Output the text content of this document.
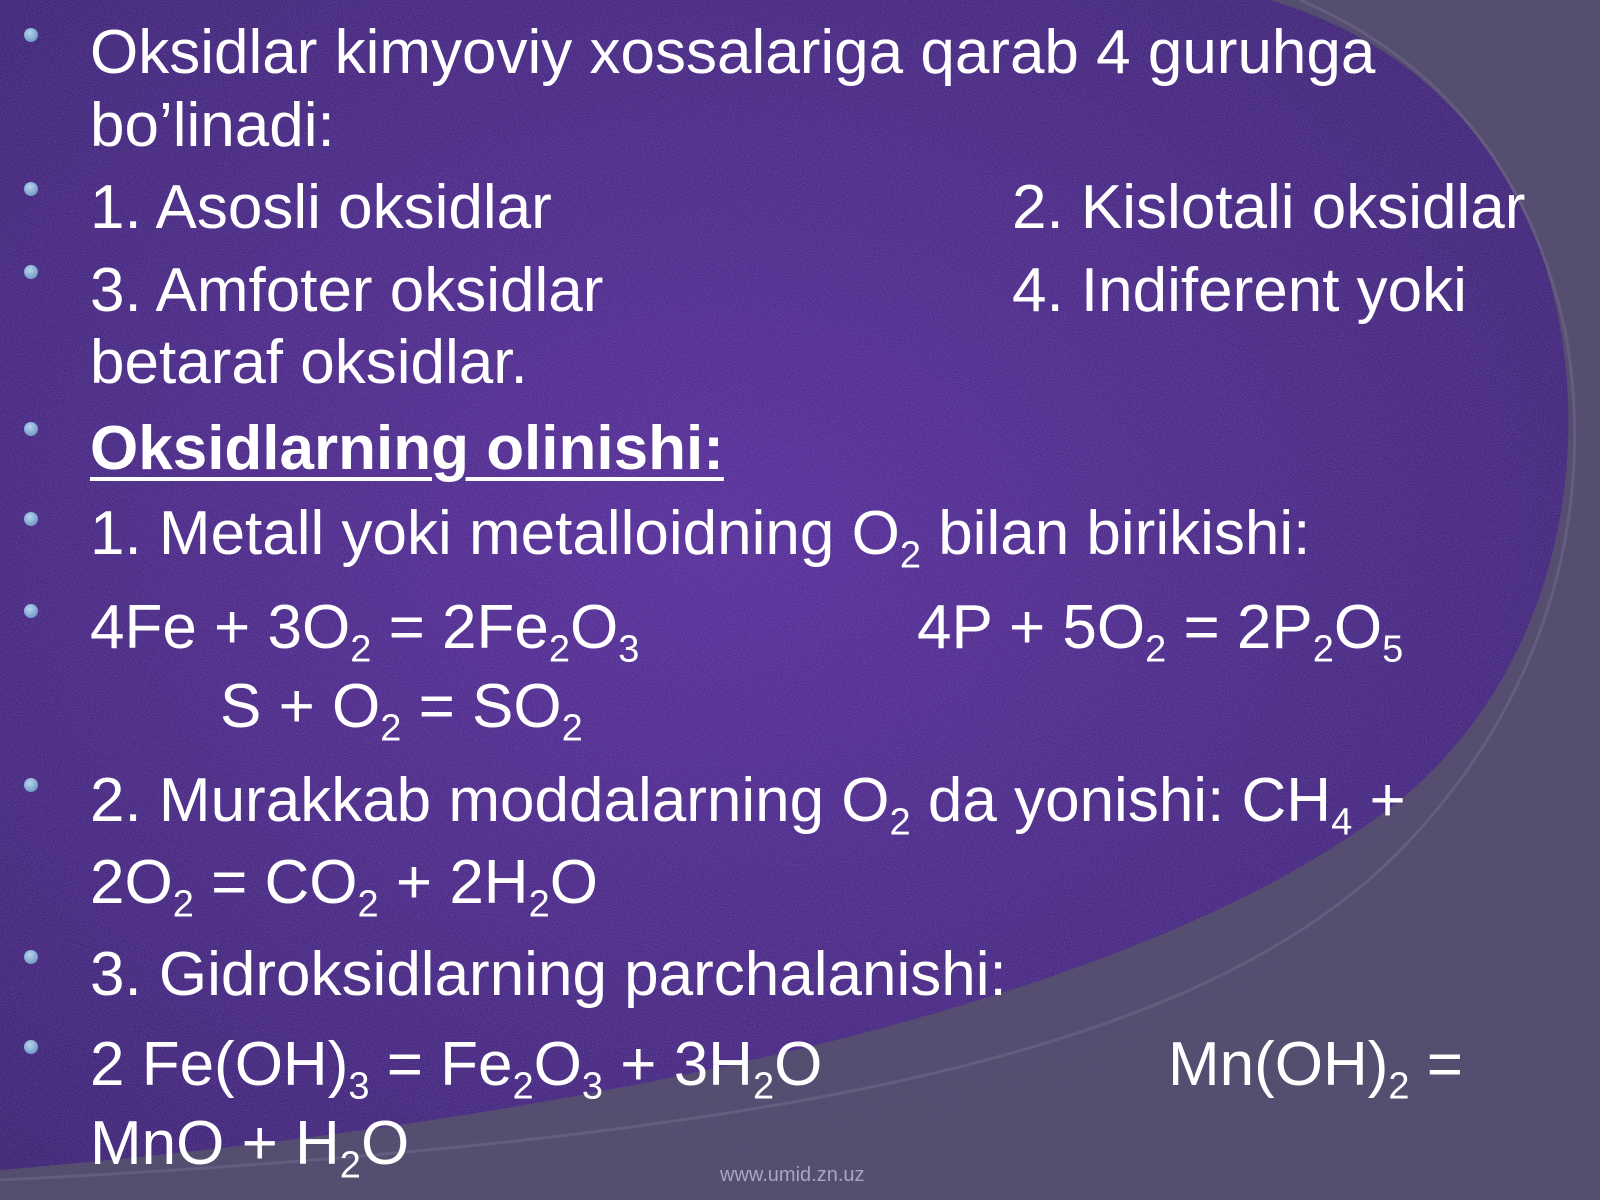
Oksidlar kimyoviy xossalariga qarab 4 guruhga
bo’linadi:
1. Asosli oksidlar	2. Kislotali oksidlar
3. Amfoter oksidlar	4. Indiferent yoki
betaraf oksidlar.
Oksidlarning olinishi:
1. Metall yoki metalloidning $O_2$ bilan birikishi:
$4Fe + 3O_2 = 2Fe_2O_3$	$4P + 5O_2 = 2P_2O_5$
$S + O_2 = SO_2$
2. Murakkab moddalarning $O_2$ da yonishi: $CH_4$ +
$2O_2 = CO_2 + 2H_2O$
3. Gidroksidlarning parchalanishi:
2 $Fe(OH)_3 = Fe_2O_3 + 3H_2O$	$Mn(OH)_2$ =
MnO + $H_2O$	www.umid.zn.uz
